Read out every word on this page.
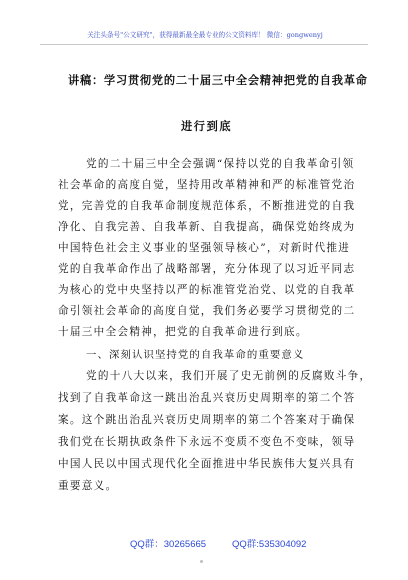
关注头条号"公文研究"，获得最新最全最专业的公文资料库！ 微信：gongwenyj
讲稿：学习贯彻党的二十届三中全会精神把党的自我革命
进行到底
党的二十届三中全会强调“保持以党的自我革命引领
社会革命的高度自觉，坚持用改革精神和严的标准管党治
党，完善党的自我革命制度规范体系，不断推进党的自我
净化、自我完善、自我革新、自我提高，确保党始终成为
中国特色社会主义事业的坚强领导核心”，对新时代推进
党的自我革命作出了战略部署，充分体现了以习近平同志
为核心的党中央坚持以严的标准管党治党、以党的自我革
命引领社会革命的高度自觉，我们务必要学习贯彻党的二
十届三中全会精神，把党的自我革命进行到底。
一、深刻认识坚持党的自我革命的重要意义
党的十八大以来，我们开展了史无前例的反腐败斗争，
找到了自我革命这一跳出治乱兴衰历史周期率的第二个答
案。这个跳出治乱兴衰历史周期率的第二个答案对于确保
我们党在长期执政条件下永远不变质不变色不变味，领导
中国人民以中国式现代化全面推进中华民族伟大复兴具有
重要意义。
QQ群：30265665	QQ群:535304092
